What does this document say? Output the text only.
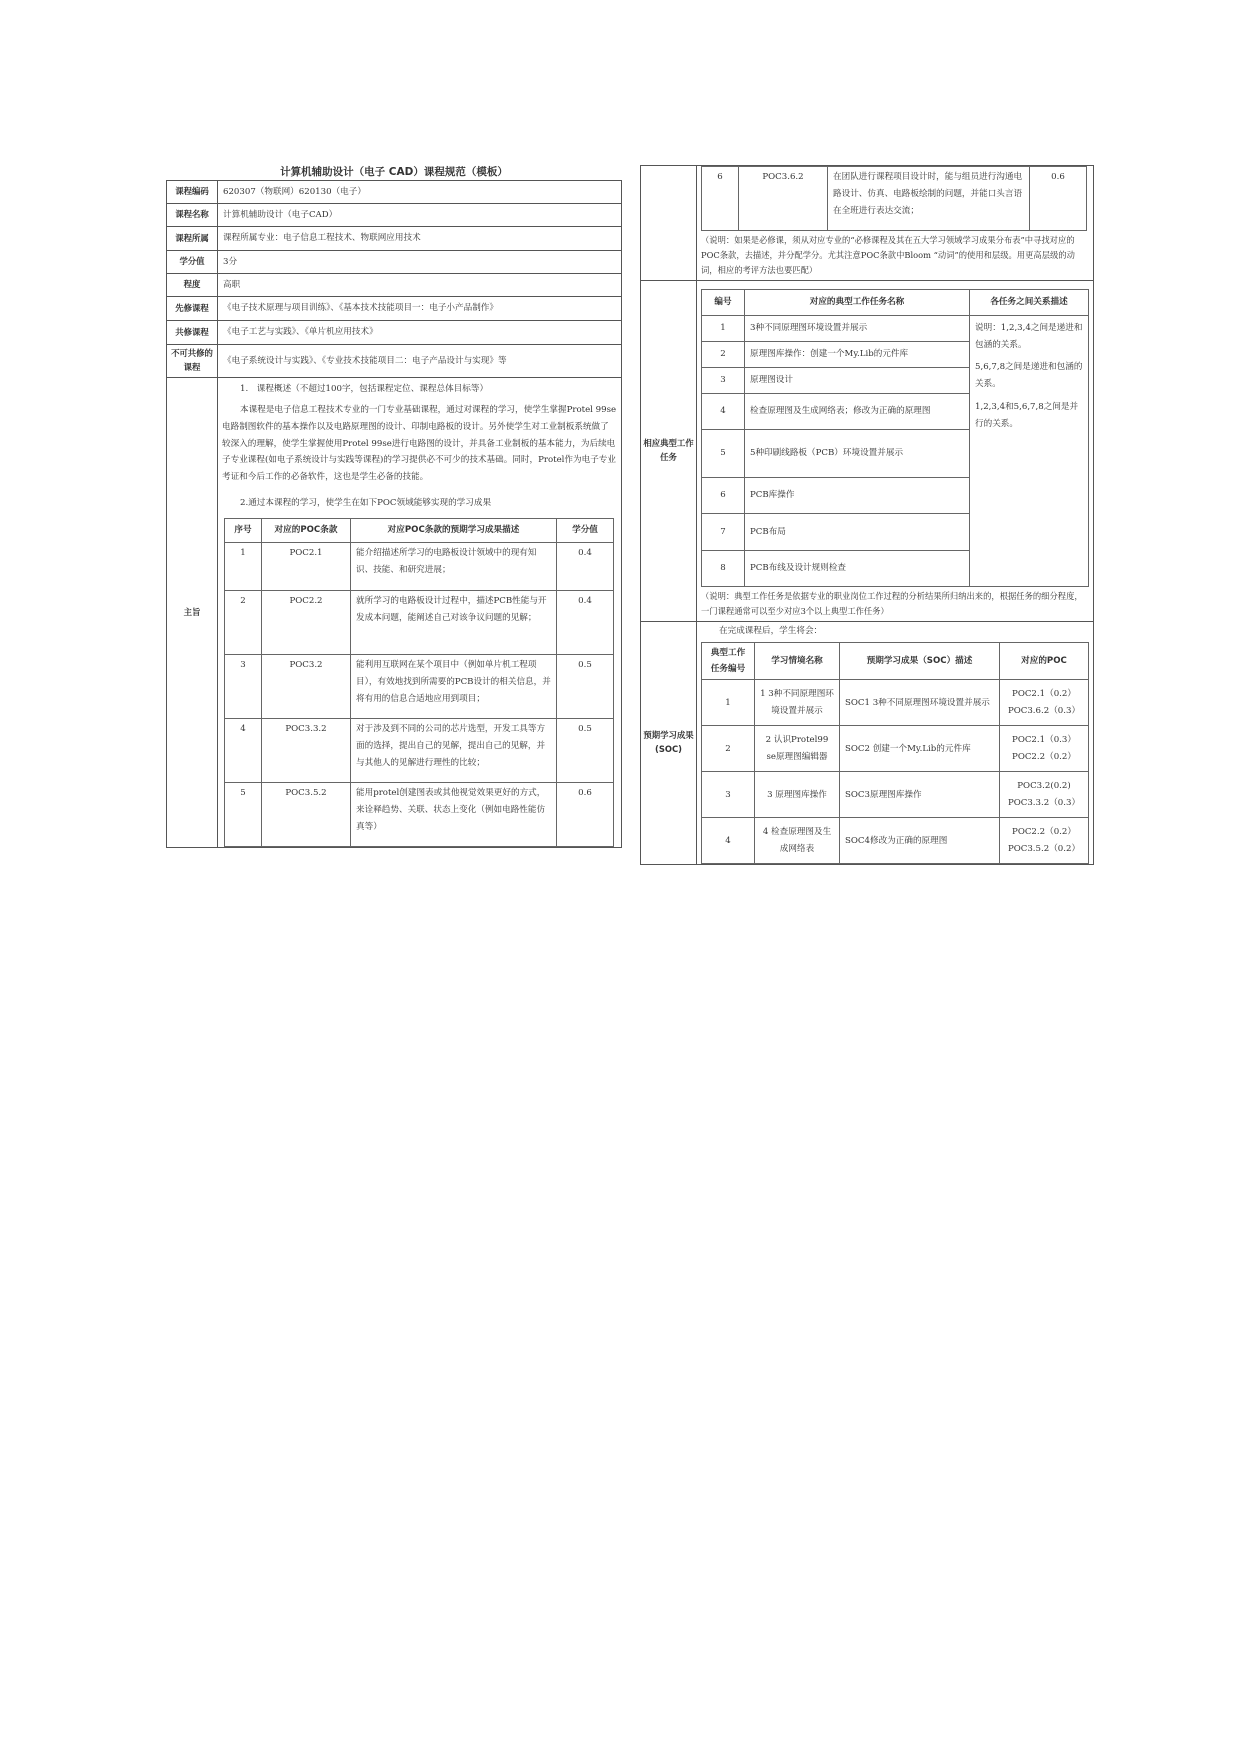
计算机辅助设计（电子 CAD）课程规范（模板）
课程编码	620307（物联网）620130（电子）
课程名称	计算机辅助设计（电子CAD）
课程所属	课程所属专业：电子信息工程技术、物联网应用技术
学分值	3分
程度	高职
先修课程	《电子技术原理与项目训练》、《基本技术技能项目一：电子小产品制作》
共修课程	《电子工艺与实践》、《单片机应用技术》
不可共修的课程	《电子系统设计与实践》、《专业技术技能项目二：电子产品设计与实现》等
主旨	

1.　课程概述（不超过100字，包括课程定位、课程总体目标等）

本课程是电子信息工程技术专业的一门专业基础课程，通过对课程的学习，使学生掌握Protel 99se电路制图软件的基本操作以及电路原理图的设计、印制电路板的设计。另外使学生对工业制板系统做了较深入的理解，使学生掌握使用Protel 99se进行电路图的设计，并具备工业制板的基本能力，为后续电子专业课程(如电子系统设计与实践等课程)的学习提供必不可少的技术基础。同时，Protel作为电子专业考证和今后工作的必备软件，这也是学生必备的技能。

2.通过本课程的学习，使学生在如下POC领域能够实现的学习成果

序号	对应的POC条款	对应POC条款的预期学习成果描述	学分值
1	POC2.1	能介绍描述所学习的电路板设计领域中的现有知识、技能、和研究进展；	0.4
2	POC2.2	就所学习的电路板设计过程中，描述PCB性能与开发成本问题，能阐述自己对该争议问题的见解；	0.4
3	POC3.2	能利用互联网在某个项目中（例如单片机工程项目），有效地找到所需要的PCB设计的相关信息，并将有用的信息合适地应用到项目；	0.5
4	POC3.3.2	对于涉及到不同的公司的芯片选型，开发工具等方面的选择，提出自己的见解，提出自己的见解，并与其他人的见解进行理性的比较；	0.5
5	POC3.5.2	能用protel创建图表或其他视觉效果更好的方式，来诠释趋势、关联、状态上变化（例如电路性能仿真等）	0.6

6	POC3.6.2	在团队进行课程项目设计时，能与组员进行沟通电路设计、仿真、电路板绘制的问题，并能口头言语在全班进行表达交流；	0.6

（说明：如果是必修课，须从对应专业的“必修课程及其在五大学习领域学习成果分布表”中寻找对应的POC条款，去描述，并分配学分。尤其注意POC条款中Bloom “动词”的使用和层级。用更高层级的动词，相应的考评方法也要匹配）

相应典型工作任务	
编号	对应的典型工作任务名称	各任务之间关系描述
1	3种不同原理图环境设置并展示	说明：1,2,3,4之间是递进和包涵的关系。

5,6,7,8之间是递进和包涵的关系。

1,2,3,4和5,6,7,8之间是并行的关系。

2	原理图库操作：创建一个My.Lib的元件库
3	原理图设计
4	检查原理图及生成网络表；修改为正确的原理图
5	5种印刷线路板（PCB）环境设置并展示
6	PCB库操作
7	PCB布局
8	PCB布线及设计规则检查

（说明：典型工作任务是依据专业的职业岗位工作过程的分析结果所归纳出来的，根据任务的细分程度，一门课程通常可以至少对应3个以上典型工作任务）

预期学习成果(SOC)	

在完成课程后，学生将会：

典型工作任务编号	学习情境名称	预期学习成果（SOC）描述	对应的POC
1	1 3种不同原理图环境设置并展示	SOC1 3种不同原理图环境设置并展示	

POC2.1（0.2）

POC3.6.2（0.3）

2	2 认识Protel99 se原理图编辑器	SOC2 创建一个My.Lib的元件库	

POC2.1（0.3）

POC2.2（0.2）

3	3 原理图库操作	SOC3原理图库操作	

POC3.2(0.2)

POC3.3.2（0.3）

4	4 检查原理图及生成网络表	SOC4修改为正确的原理图	

POC2.2（0.2）

POC3.5.2（0.2）
